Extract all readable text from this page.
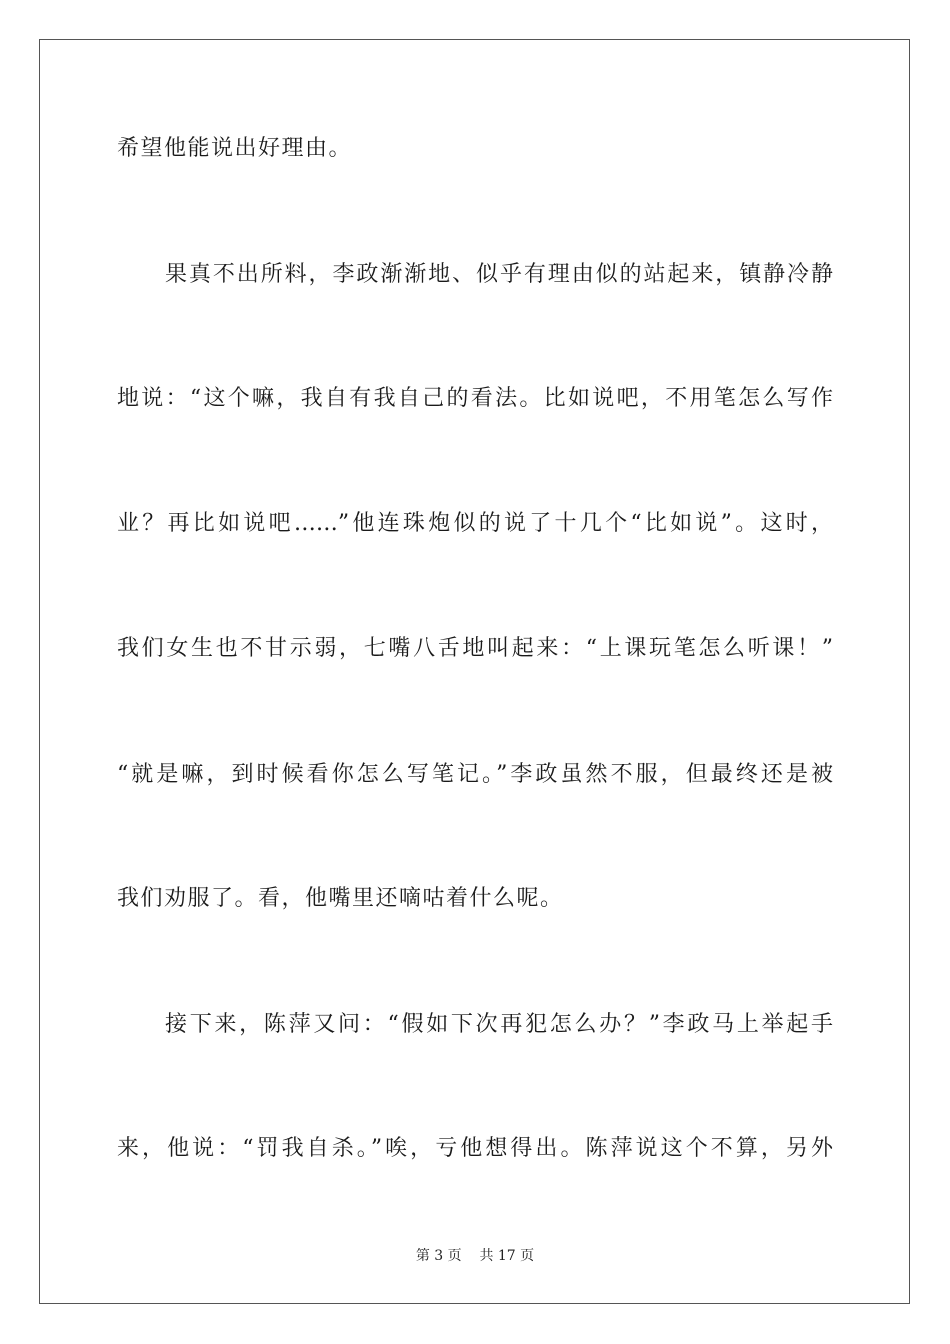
希望他能说出好理由。
果真不出所料，李政渐渐地、似乎有理由似的站起来，镇静冷静
地说：“这个嘛，我自有我自己的看法。比如说吧，不用笔怎么写作
业？再比如说吧……”他连珠炮似的说了十几个“比如说”。这时，
我们女生也不甘示弱，七嘴八舌地叫起来：“上课玩笔怎么听课！”
“就是嘛，到时候看你怎么写笔记。”李政虽然不服，但最终还是被
我们劝服了。看，他嘴里还嘀咕着什么呢。
接下来，陈萍又问：“假如下次再犯怎么办？”李政马上举起手
来，他说：“罚我自杀。”唉，亏他想得出。陈萍说这个不算，另外
第 3 页 共 17 页
